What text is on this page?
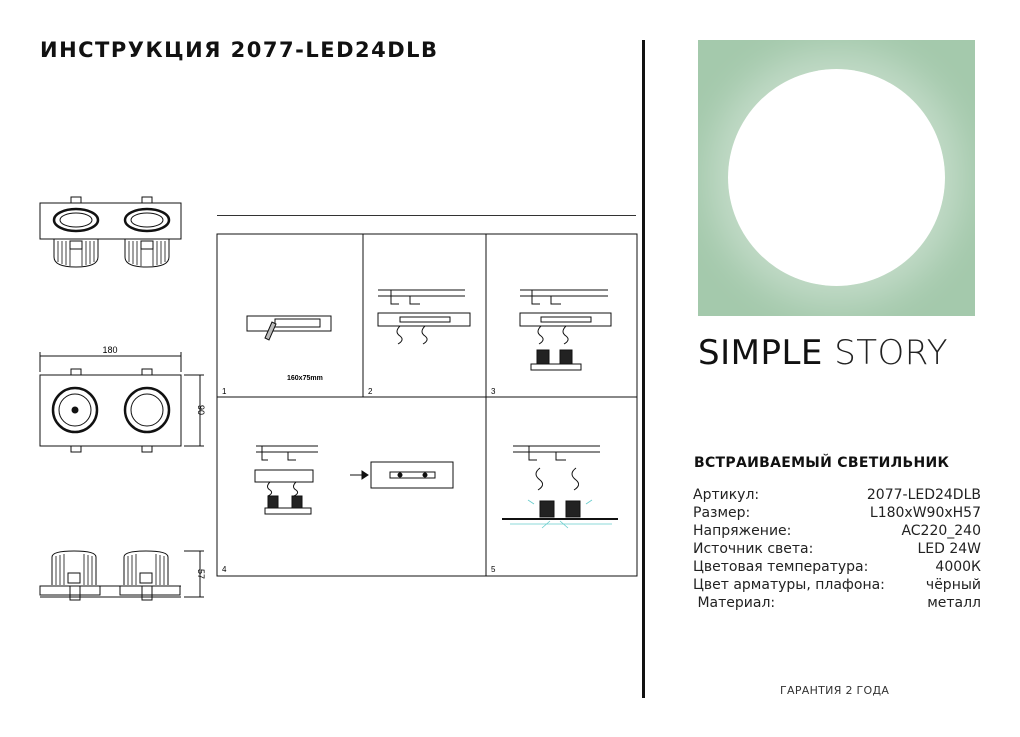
ИНСТРУКЦИЯ 2077-LED24DLB
180
90
57
160x75mm
1	2	3
4	5
SIMPLE STORY
ВСТРАИВАЕМЫЙ СВЕТИЛЬНИК
Артикул:	2077-LED24DLB
Размер:	L180xW90xH57
Напряжение:	AC220_240
Источник света:	LED 24W
Цветовая температура:	4000К
Цвет арматуры, плафона:	чёрный
Материал:	металл
ГАРАНТИЯ 2 ГОДА
